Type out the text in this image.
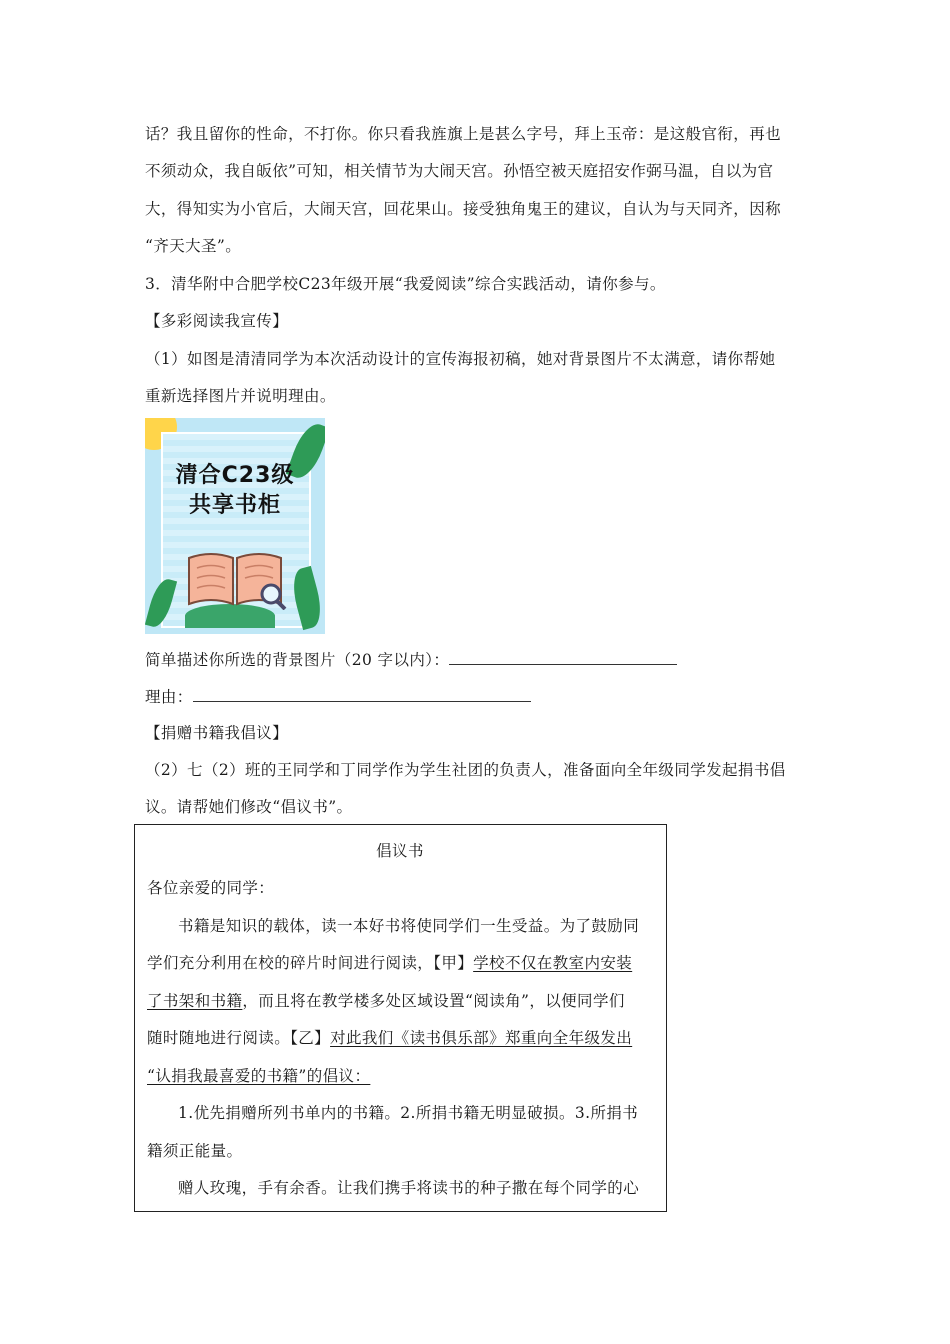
话？我且留你的性命，不打你。你只看我旌旗上是甚么字号，拜上玉帝：是这般官衔，再也
不须动众，我自皈依”可知，相关情节为大闹天宫。孙悟空被天庭招安作弼马温，自以为官
大，得知实为小官后，大闹天宫，回花果山。接受独角鬼王的建议，自认为与天同齐，因称
“齐天大圣”。
3．清华附中合肥学校C23年级开展“我爱阅读”综合实践活动，请你参与。
【多彩阅读我宣传】
（1）如图是清清同学为本次活动设计的宣传海报初稿，她对背景图片不太满意，请你帮她
重新选择图片并说明理由。
清合C23级
共享书柜
简单描述你所选的背景图片（20 字以内）：
理由：
【捐赠书籍我倡议】
（2）七（2）班的王同学和丁同学作为学生社团的负责人，准备面向全年级同学发起捐书倡
议。请帮她们修改“倡议书”。
倡议书
各位亲爱的同学：
书籍是知识的载体，读一本好书将使同学们一生受益。为了鼓励同
学们充分利用在校的碎片时间进行阅读，【甲】学校不仅在教室内安装
了书架和书籍，而且将在教学楼多处区域设置“阅读角”，以便同学们
随时随地进行阅读。【乙】对此我们《读书俱乐部》郑重向全年级发出
“认捐我最喜爱的书籍”的倡议：
1.优先捐赠所列书单内的书籍。2.所捐书籍无明显破损。3.所捐书
籍须正能量。
赠人玫瑰，手有余香。让我们携手将读书的种子撒在每个同学的心
